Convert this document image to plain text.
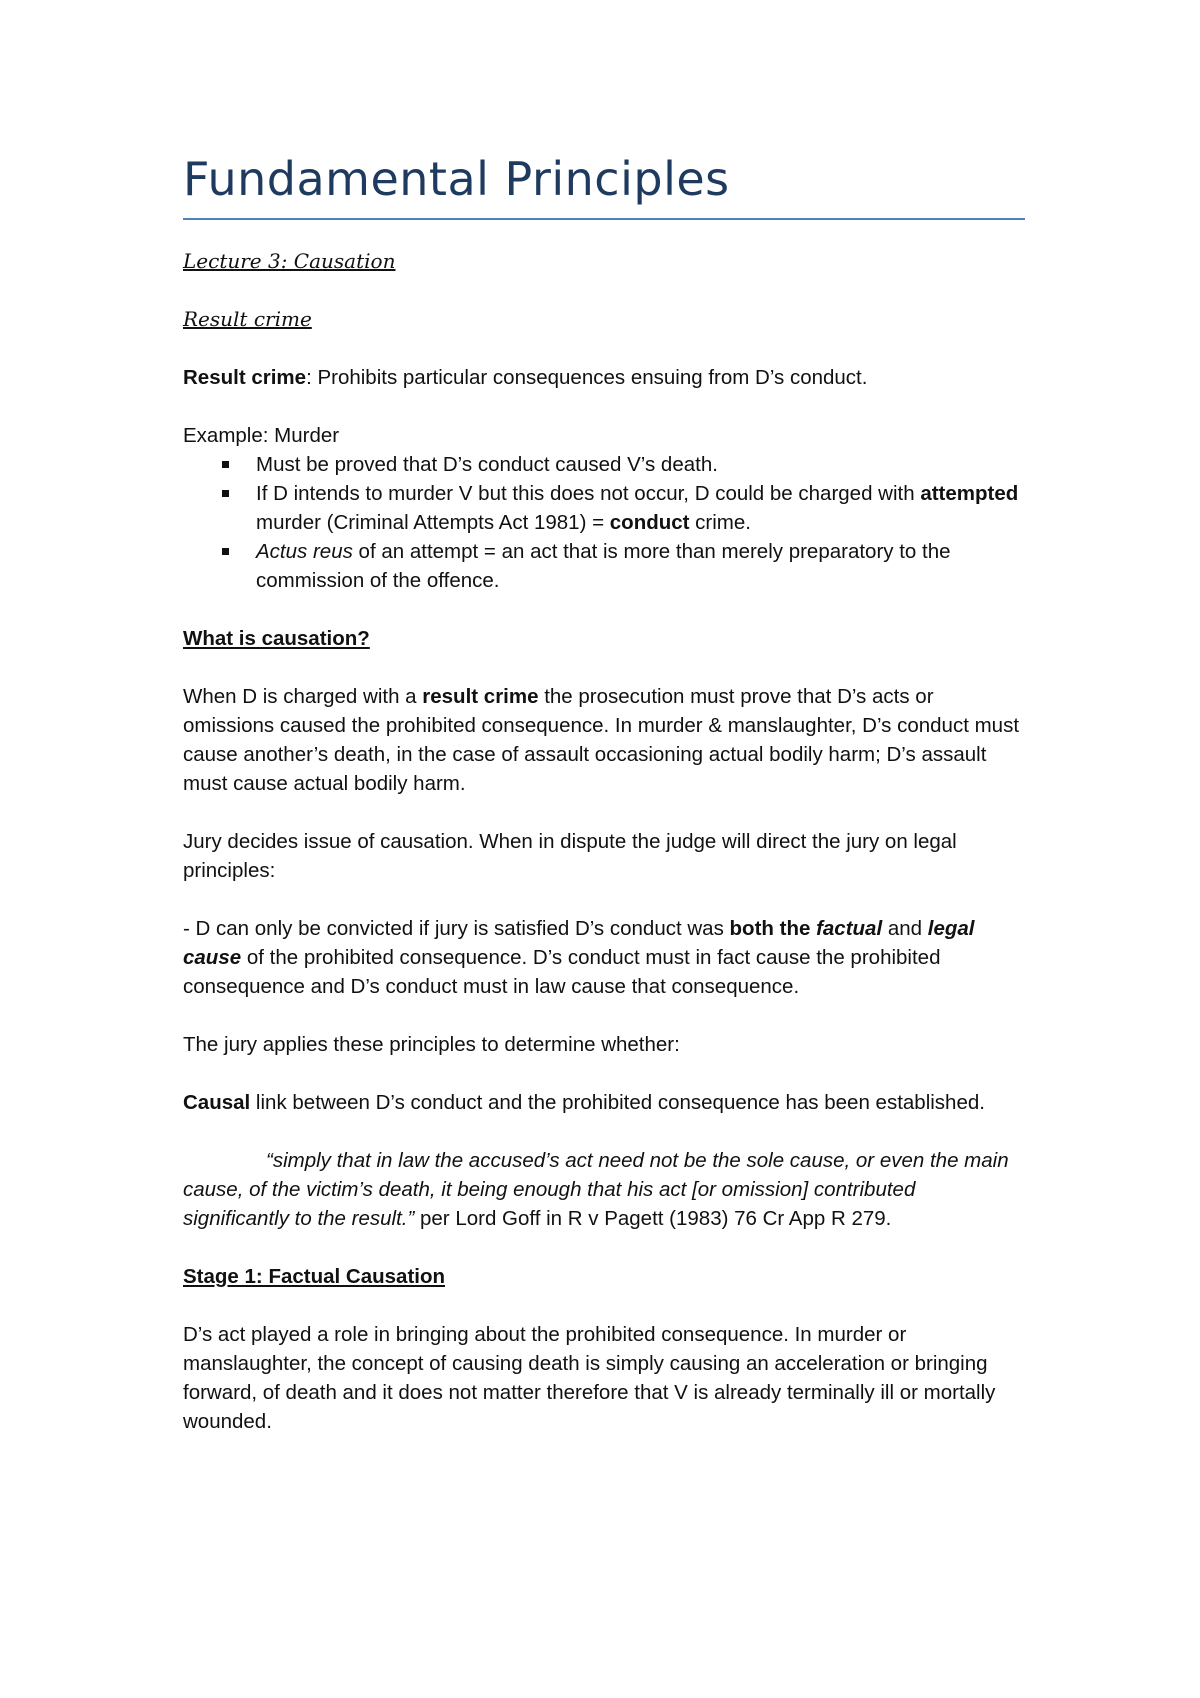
Fundamental Principles

Lecture 3: Causation

Result crime

Result crime: Prohibits particular consequences ensuing from D’s conduct.

Example: Murder

Must be proved that D’s conduct caused V’s death.
If D intends to murder V but this does not occur, D could be charged with attempted murder (Criminal Attempts Act 1981) = conduct crime.
Actus reus of an attempt = an act that is more than merely preparatory to the commission of the offence.

What is causation?

When D is charged with a result crime the prosecution must prove that D’s acts or omissions caused the prohibited consequence. In murder & manslaughter, D’s conduct must cause another’s death, in the case of assault occasioning actual bodily harm; D’s assault must cause actual bodily harm.

Jury decides issue of causation. When in dispute the judge will direct the jury on legal principles:

- D can only be convicted if jury is satisfied D’s conduct was both the factual and legal cause of the prohibited consequence. D’s conduct must in fact cause the prohibited consequence and D’s conduct must in law cause that consequence.

The jury applies these principles to determine whether:

Causal link between D’s conduct and the prohibited consequence has been established.

“simply that in law the accused’s act need not be the sole cause, or even the main cause, of the victim’s death, it being enough that his act [or omission] contributed significantly to the result.” per Lord Goff in R v Pagett (1983) 76 Cr App R 279.

Stage 1: Factual Causation

D’s act played a role in bringing about the prohibited consequence. In murder or manslaughter, the concept of causing death is simply causing an acceleration or bringing forward, of death and it does not matter therefore that V is already terminally ill or mortally wounded.
